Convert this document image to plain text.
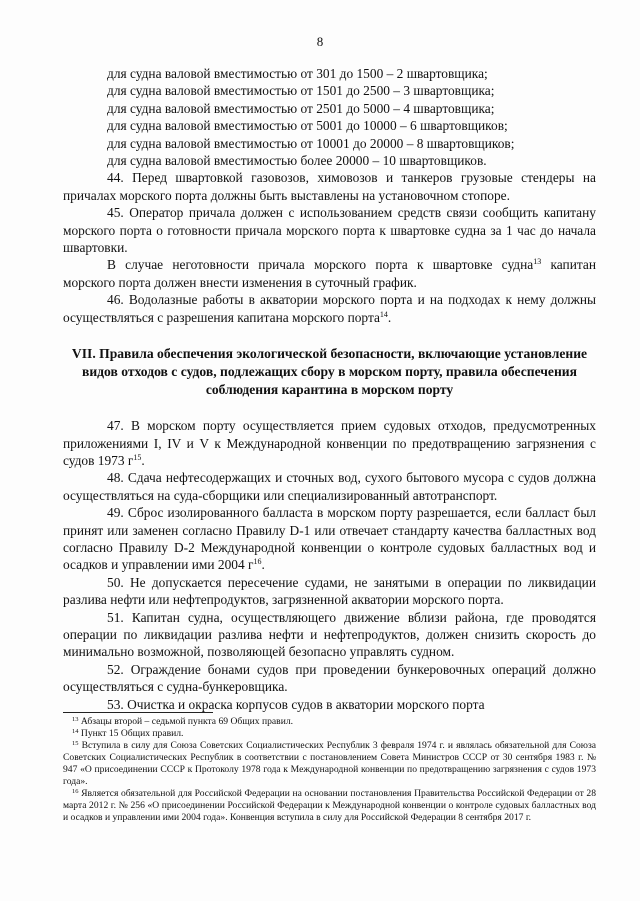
8

для судна валовой вместимостью от 301 до 1500 – 2 швартовщика;

для судна валовой вместимостью от 1501 до 2500 – 3 швартовщика;

для судна валовой вместимостью от 2501 до 5000 – 4 швартовщика;

для судна валовой вместимостью от 5001 до 10000 – 6 швартовщиков;

для судна валовой вместимостью от 10001 до 20000 – 8 швартовщиков;

для судна валовой вместимостью более 20000 – 10 швартовщиков.

44. Перед швартовкой газовозов, химовозов и танкеров грузовые стендеры на причалах морского порта должны быть выставлены на установочном стопоре.

45. Оператор причала должен с использованием средств связи сообщить капитану морского порта о готовности причала морского порта к швартовке судна за 1 час до начала швартовки.

В случае неготовности причала морского порта к швартовке судна$^{13}$ капитан морского порта должен внести изменения в суточный график.

46. Водолазные работы в акватории морского порта и на подходах к нему должны осуществляться с разрешения капитана морского порта$^{14}$.

VII. Правила обеспечения экологической безопасности, включающие установление видов отходов с судов, подлежащих сбору в морском порту, правила обеспечения соблюдения карантина в морском порту

47. В морском порту осуществляется прием судовых отходов, предусмотренных приложениями I, IV и V к Международной конвенции по предотвращению загрязнения с судов 1973 $г^{15}$.

48. Сдача нефтесодержащих и сточных вод, сухого бытового мусора с судов должна осуществляться на суда-сборщики или специализированный автотранспорт.

49. Сброс изолированного балласта в морском порту разрешается, если балласт был принят или заменен согласно Правилу D-1 или отвечает стандарту качества балластных вод согласно Правилу D-2 Международной конвенции о контроле судовых балластных вод и осадков и управлении ими 2004 $г^{16}$.

50. Не допускается пересечение судами, не занятыми в операции по ликвидации разлива нефти или нефтепродуктов, загрязненной акватории морского порта.

51. Капитан судна, осуществляющего движение вблизи района, где проводятся операции по ликвидации разлива нефти и нефтепродуктов, должен снизить скорость до минимально возможной, позволяющей безопасно управлять судном.

52. Ограждение бонами судов при проведении бункеровочных операций должно осуществляться с судна-бункеровщика.

53. Очистка и окраска корпусов судов в акватории морского порта

$^{13}$ Абзацы второй – седьмой пункта 69 Общих правил.

$^{14}$ Пункт 15 Общих правил.

$^{15}$ Вступила в силу для Союза Советских Социалистических Республик 3 февраля 1974 г. и являлась обязательной для Союза Советских Социалистических Республик в соответствии с постановлением Совета Министров СССР от 30 сентября 1983 г. № 947 «О присоединении СССР к Протоколу 1978 года к Международной конвенции по предотвращению загрязнения с судов 1973 года».

$^{16}$ Является обязательной для Российской Федерации на основании постановления Правительства Российской Федерации от 28 марта 2012 г. № 256 «О присоединении Российской Федерации к Международной конвенции о контроле судовых балластных вод и осадков и управлении ими 2004 года». Конвенция вступила в силу для Российской Федерации 8 сентября 2017 г.
